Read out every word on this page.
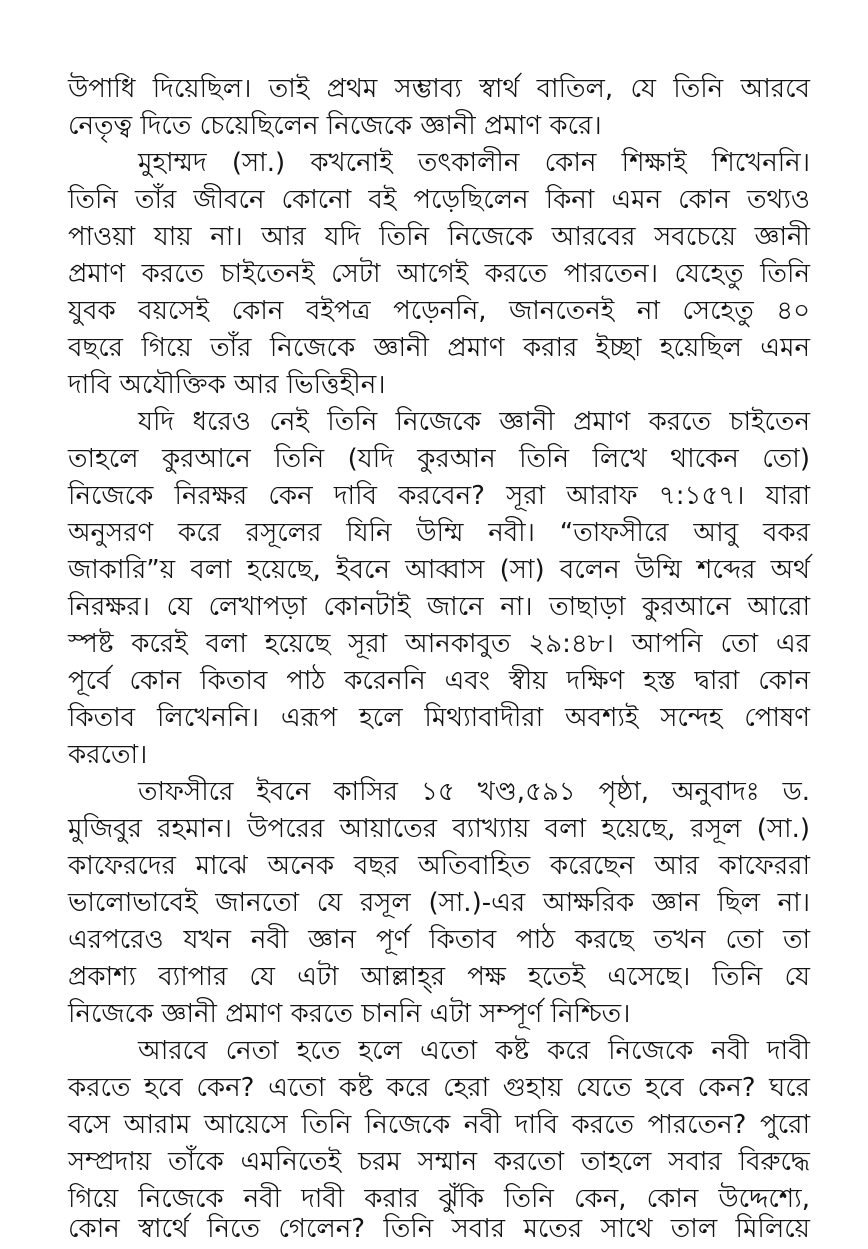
উপাধি দিয়েছিল। তাই প্রথম সম্ভাব্য স্বার্থ বাতিল, যে তিনি আরবে
নেতৃত্ব দিতে চেয়েছিলেন নিজেকে জ্ঞানী প্রমাণ করে।
মুহাম্মদ (সা.) কখনোই তৎকালীন কোন শিক্ষাই শিখেননি।
তিনি তাঁর জীবনে কোনো বই পড়েছিলেন কিনা এমন কোন তথ্যও
পাওয়া যায় না। আর যদি তিনি নিজেকে আরবের সবচেয়ে জ্ঞানী
প্রমাণ করতে চাইতেনই সেটা আগেই করতে পারতেন। যেহেতু তিনি
যুবক বয়সেই কোন বইপত্র পড়েননি, জানতেনই না সেহেতু ৪০
বছরে গিয়ে তাঁর নিজেকে জ্ঞানী প্রমাণ করার ইচ্ছা হয়েছিল এমন
দাবি অযৌক্তিক আর ভিত্তিহীন।
যদি ধরেও নেই তিনি নিজেকে জ্ঞানী প্রমাণ করতে চাইতেন
তাহলে কুরআনে তিনি (যদি কুরআন তিনি লিখে থাকেন তো)
নিজেকে নিরক্ষর কেন দাবি করবেন? সূরা আরাফ ৭:১৫৭। যারা
অনুসরণ করে রসূলের যিনি উম্মি নবী। “তাফসীরে আবু বকর
জাকারি”য় বলা হয়েছে, ইবনে আব্বাস (সা) বলেন উম্মি শব্দের অর্থ
নিরক্ষর। যে লেখাপড়া কোনটাই জানে না। তাছাড়া কুরআনে আরো
স্পষ্ট করেই বলা হয়েছে সূরা আনকাবুত ২৯:৪৮। আপনি তো এর
পূর্বে কোন কিতাব পাঠ করেননি এবং স্বীয় দক্ষিণ হস্ত দ্বারা কোন
কিতাব লিখেননি। এরূপ হলে মিথ্যাবাদীরা অবশ্যই সন্দেহ পোষণ
করতো।
তাফসীরে ইবনে কাসির ১৫ খণ্ড,৫৯১ পৃষ্ঠা, অনুবাদঃ ড.
মুজিবুর রহমান। উপরের আয়াতের ব্যাখ্যায় বলা হয়েছে, রসূল (সা.)
কাফেরদের মাঝে অনেক বছর অতিবাহিত করেছেন আর কাফেররা
ভালোভাবেই জানতো যে রসূল (সা.)-এর আক্ষরিক জ্ঞান ছিল না।
এরপরেও যখন নবী জ্ঞান পূর্ণ কিতাব পাঠ করছে তখন তো তা
প্রকাশ্য ব্যাপার যে এটা আল্লাহ্‌র পক্ষ হতেই এসেছে। তিনি যে
নিজেকে জ্ঞানী প্রমাণ করতে চাননি এটা সম্পূর্ণ নিশ্চিত।
আরবে নেতা হতে হলে এতো কষ্ট করে নিজেকে নবী দাবী
করতে হবে কেন? এতো কষ্ট করে হেরা গুহায় যেতে হবে কেন? ঘরে
বসে আরাম আয়েসে তিনি নিজেকে নবী দাবি করতে পারতেন? পুরো
সম্প্রদায় তাঁকে এমনিতেই চরম সম্মান করতো তাহলে সবার বিরুদ্ধে
গিয়ে নিজেকে নবী দাবী করার ঝুঁকি তিনি কেন, কোন উদ্দেশ্যে,
কোন স্বার্থে নিতে গেলেন? তিনি সবার মতের সাথে তাল মিলিয়ে
